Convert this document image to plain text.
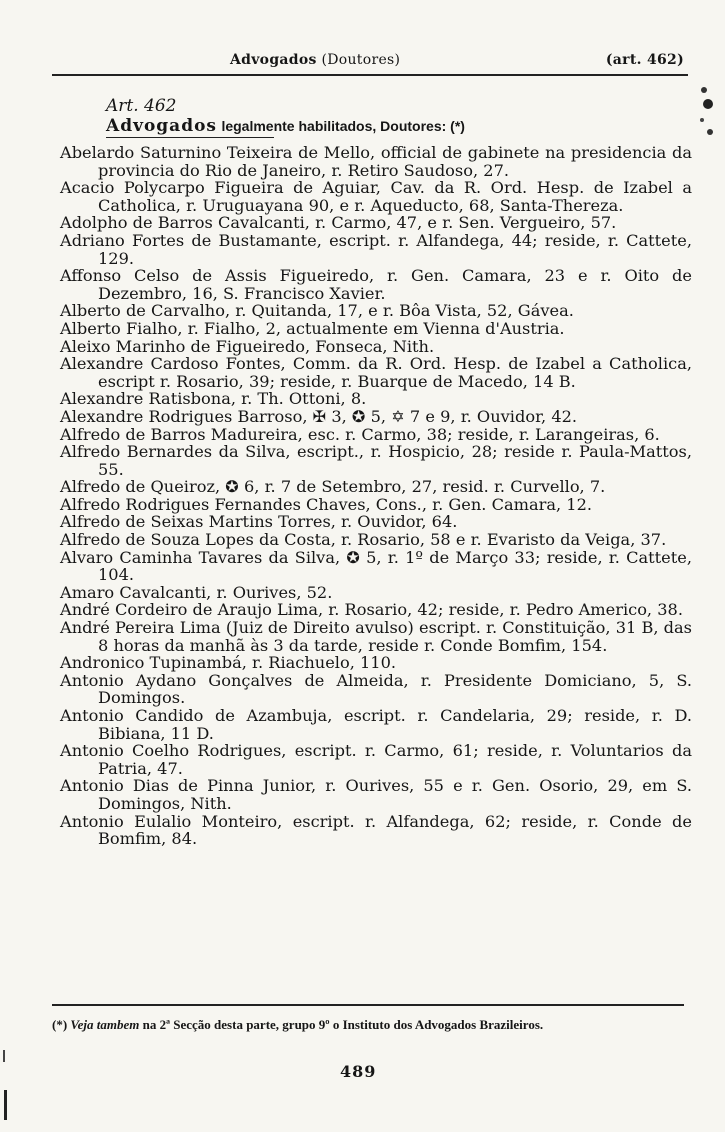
Advogados (Doutores)	(art. 462)
Art. 462
Advogados legalmente habilitados, Doutores: (*)

Abelardo Saturnino Teixeira de Mello, official de gabinete na presidencia da provincia do Rio de Janeiro, r. Retiro Saudoso, 27.

Acacio Polycarpo Figueira de Aguiar, Cav. da R. Ord. Hesp. de Izabel a Catholica, r. Uruguayana 90, e r. Aqueducto, 68, Santa-Thereza.

Adolpho de Barros Cavalcanti, r. Carmo, 47, e r. Sen. Vergueiro, 57.

Adriano Fortes de Bustamante, escript. r. Alfandega, 44; reside, r. Cattete, 129.

Affonso Celso de Assis Figueiredo, r. Gen. Camara, 23 e r. Oito de Dezembro, 16, S. Francisco Xavier.

Alberto de Carvalho, r. Quitanda, 17, e r. Bôa Vista, 52, Gávea.

Alberto Fialho, r. Fialho, 2, actualmente em Vienna d'Austria.

Aleixo Marinho de Figueiredo, Fonseca, Nith.

Alexandre Cardoso Fontes, Comm. da R. Ord. Hesp. de Izabel a Catholica, escript r. Rosario, 39; reside, r. Buarque de Macedo, 14 B.

Alexandre Ratisbona, r. Th. Ottoni, 8.

Alexandre Rodrigues Barroso, ✠ 3, ✪ 5, ✡ 7 e 9, r. Ouvidor, 42.

Alfredo de Barros Madureira, esc. r. Carmo, 38; reside, r. Larangeiras, 6.

Alfredo Bernardes da Silva, escript., r. Hospicio, 28; reside r. Paula-Mattos, 55.

Alfredo de Queiroz, ✪ 6, r. 7 de Setembro, 27, resid. r. Curvello, 7.

Alfredo Rodrigues Fernandes Chaves, Cons., r. Gen. Camara, 12.

Alfredo de Seixas Martins Torres, r. Ouvidor, 64.

Alfredo de Souza Lopes da Costa, r. Rosario, 58 e r. Evaristo da Veiga, 37.

Alvaro Caminha Tavares da Silva, ✪ 5, r. 1º de Março 33; reside, r. Cattete, 104.

Amaro Cavalcanti, r. Ourives, 52.

André Cordeiro de Araujo Lima, r. Rosario, 42; reside, r. Pedro Americo, 38.

André Pereira Lima (Juiz de Direito avulso) escript. r. Constituição, 31 B, das 8 horas da manhã às 3 da tarde, reside r. Conde Bomfim, 154.

Andronico Tupinambá, r. Riachuelo, 110.

Antonio Aydano Gonçalves de Almeida, r. Presidente Domiciano, 5, S. Domingos.

Antonio Candido de Azambuja, escript. r. Candelaria, 29; reside, r. D. Bibiana, 11 D.

Antonio Coelho Rodrigues, escript. r. Carmo, 61; reside, r. Voluntarios da Patria, 47.

Antonio Dias de Pinna Junior, r. Ourives, 55 e r. Gen. Osorio, 29, em S. Domingos, Nith.

Antonio Eulalio Monteiro, escript. r. Alfandega, 62; reside, r. Conde de Bomfim, 84.

(*) Veja tambem na 2ª Secção desta parte, grupo 9º o Instituto dos Advogados Brazileiros.
489
